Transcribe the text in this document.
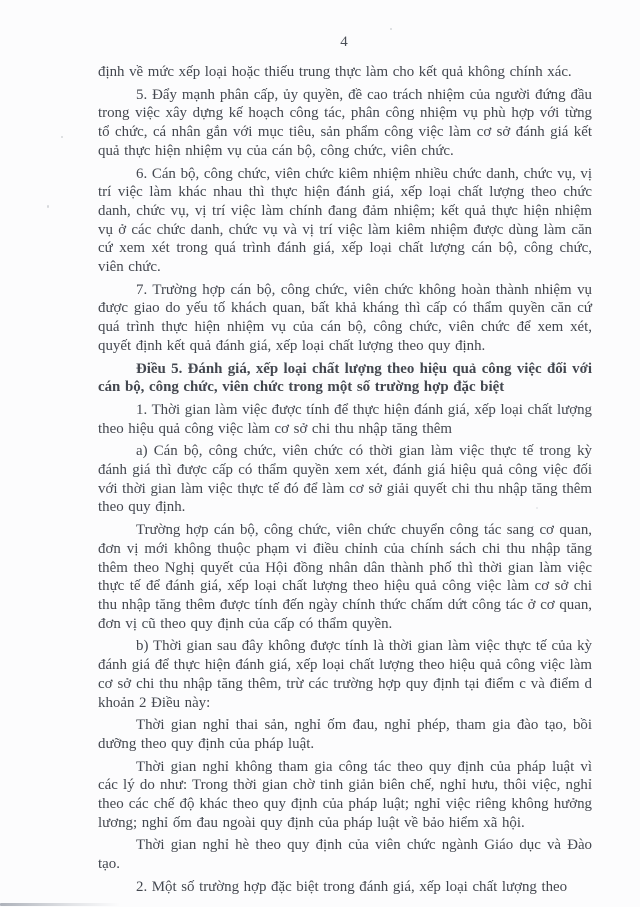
4

định về mức xếp loại hoặc thiếu trung thực làm cho kết quả không chính xác.

5. Đẩy mạnh phân cấp, ủy quyền, đề cao trách nhiệm của người đứng đầu trong việc xây dựng kế hoạch công tác, phân công nhiệm vụ phù hợp với từng tổ chức, cá nhân gắn với mục tiêu, sản phẩm công việc làm cơ sở đánh giá kết quả thực hiện nhiệm vụ của cán bộ, công chức, viên chức.

6. Cán bộ, công chức, viên chức kiêm nhiệm nhiều chức danh, chức vụ, vị trí việc làm khác nhau thì thực hiện đánh giá, xếp loại chất lượng theo chức danh, chức vụ, vị trí việc làm chính đang đảm nhiệm; kết quả thực hiện nhiệm vụ ở các chức danh, chức vụ và vị trí việc làm kiêm nhiệm được dùng làm căn cứ xem xét trong quá trình đánh giá, xếp loại chất lượng cán bộ, công chức, viên chức.

7. Trường hợp cán bộ, công chức, viên chức không hoàn thành nhiệm vụ được giao do yếu tố khách quan, bất khả kháng thì cấp có thẩm quyền căn cứ quá trình thực hiện nhiệm vụ của cán bộ, công chức, viên chức để xem xét, quyết định kết quả đánh giá, xếp loại chất lượng theo quy định.

Điều 5. Đánh giá, xếp loại chất lượng theo hiệu quả công việc đối với cán bộ, công chức, viên chức trong một số trường hợp đặc biệt

1. Thời gian làm việc được tính để thực hiện đánh giá, xếp loại chất lượng theo hiệu quả công việc làm cơ sở chi thu nhập tăng thêm

a) Cán bộ, công chức, viên chức có thời gian làm việc thực tế trong kỳ đánh giá thì được cấp có thẩm quyền xem xét, đánh giá hiệu quả công việc đối với thời gian làm việc thực tế đó để làm cơ sở giải quyết chi thu nhập tăng thêm theo quy định.

Trường hợp cán bộ, công chức, viên chức chuyển công tác sang cơ quan, đơn vị mới không thuộc phạm vi điều chỉnh của chính sách chi thu nhập tăng thêm theo Nghị quyết của Hội đồng nhân dân thành phố thì thời gian làm việc thực tế để đánh giá, xếp loại chất lượng theo hiệu quả công việc làm cơ sở chi thu nhập tăng thêm được tính đến ngày chính thức chấm dứt công tác ở cơ quan, đơn vị cũ theo quy định của cấp có thẩm quyền.

b) Thời gian sau đây không được tính là thời gian làm việc thực tế của kỳ đánh giá để thực hiện đánh giá, xếp loại chất lượng theo hiệu quả công việc làm cơ sở chi thu nhập tăng thêm, trừ các trường hợp quy định tại điểm c và điểm d khoản 2 Điều này:

Thời gian nghỉ thai sản, nghỉ ốm đau, nghỉ phép, tham gia đào tạo, bồi dưỡng theo quy định của pháp luật.

Thời gian nghỉ không tham gia công tác theo quy định của pháp luật vì các lý do như: Trong thời gian chờ tinh giản biên chế, nghỉ hưu, thôi việc, nghỉ theo các chế độ khác theo quy định của pháp luật; nghỉ việc riêng không hưởng lương; nghỉ ốm đau ngoài quy định của pháp luật về bảo hiểm xã hội.

Thời gian nghỉ hè theo quy định của viên chức ngành Giáo dục và Đào tạo.

2. Một số trường hợp đặc biệt trong đánh giá, xếp loại chất lượng theo
